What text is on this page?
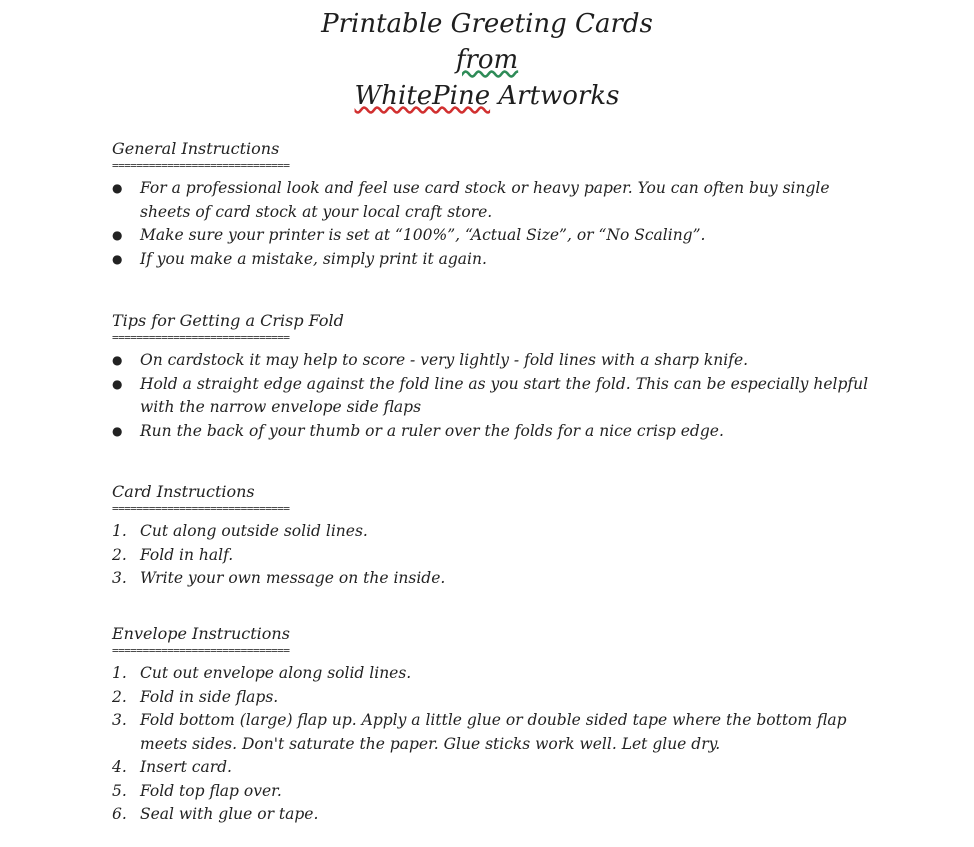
Printable Greeting Cards
from
WhitePine Artworks
General Instructions
=============================
●	For a professional look and feel use card stock or heavy paper. You can often buy single sheets of card stock at your local craft store.
●	Make sure your printer is set at “100%”, “Actual Size”, or “No Scaling”.
●	If you make a mistake, simply print it again.
Tips for Getting a Crisp Fold
=============================
●	On cardstock it may help to score - very lightly - fold lines with a sharp knife.
●	Hold a straight edge against the fold line as you start the fold. This can be especially helpful with the narrow envelope side flaps
●	Run the back of your thumb or a ruler over the folds for a nice crisp edge.
Card Instructions
=============================
1. Cut along outside solid lines.
2. Fold in half.
3. Write your own message on the inside.
Envelope Instructions
=============================
1. Cut out envelope along solid lines.
2. Fold in side flaps.
3. Fold bottom (large) flap up. Apply a little glue or double sided tape where the bottom flap meets sides. Don't saturate the paper. Glue sticks work well. Let glue dry.
4. Insert card.
5. Fold top flap over.
6. Seal with glue or tape.
